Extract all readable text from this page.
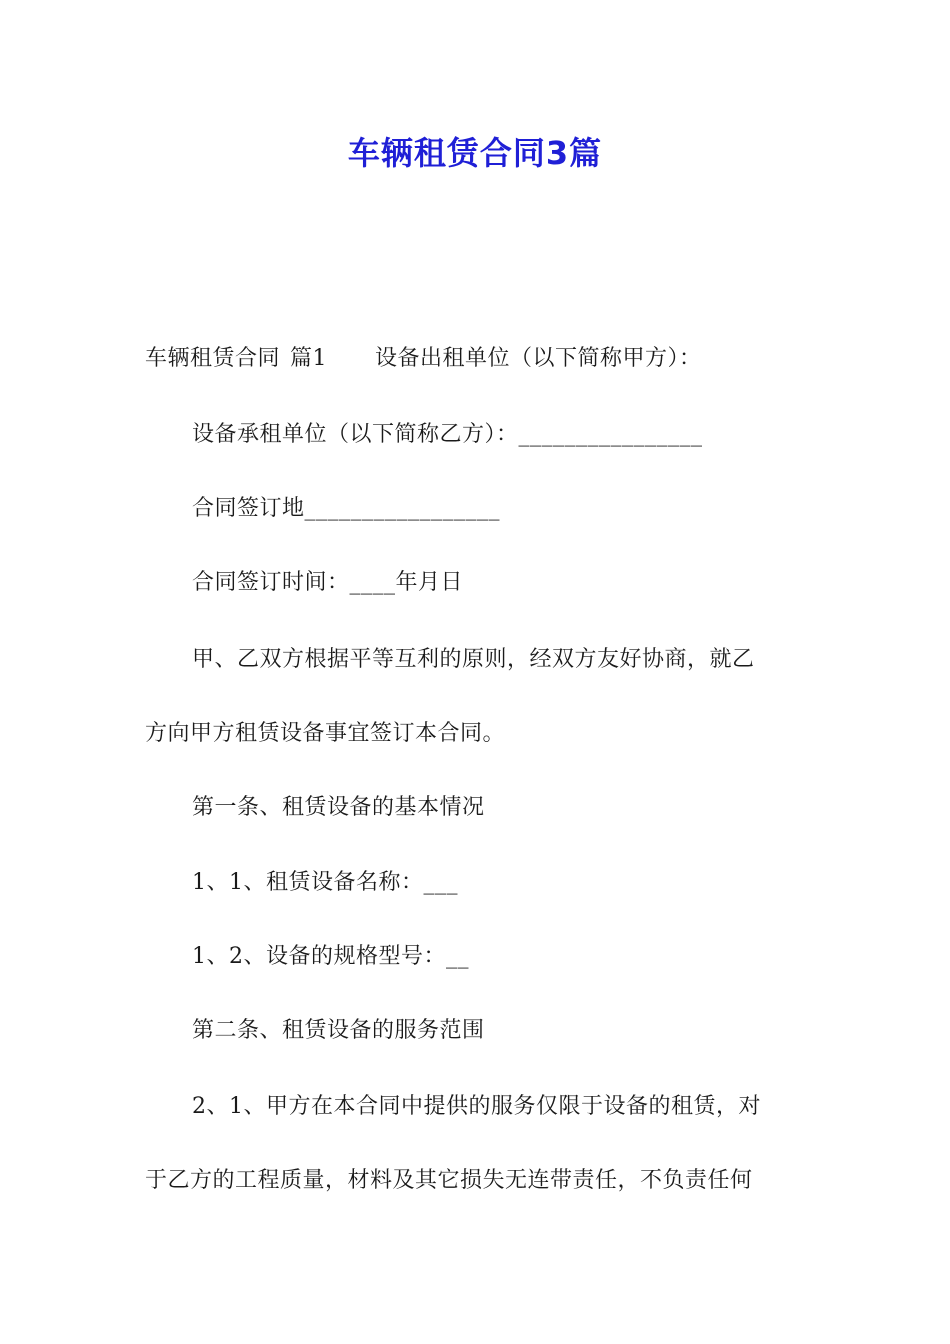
车辆租赁合同3篇
车辆租赁合同 篇1 设备出租单位（以下简称甲方）：
设备承租单位（以下简称乙方）：________________
合同签订地_________________
合同签订时间：____年月日
甲、乙双方根据平等互利的原则，经双方友好协商，就乙
方向甲方租赁设备事宜签订本合同。
第一条、租赁设备的基本情况
1、1、租赁设备名称：___
1、2、设备的规格型号：__
第二条、租赁设备的服务范围
2、1、甲方在本合同中提供的服务仅限于设备的租赁，对
于乙方的工程质量，材料及其它损失无连带责任，不负责任何
